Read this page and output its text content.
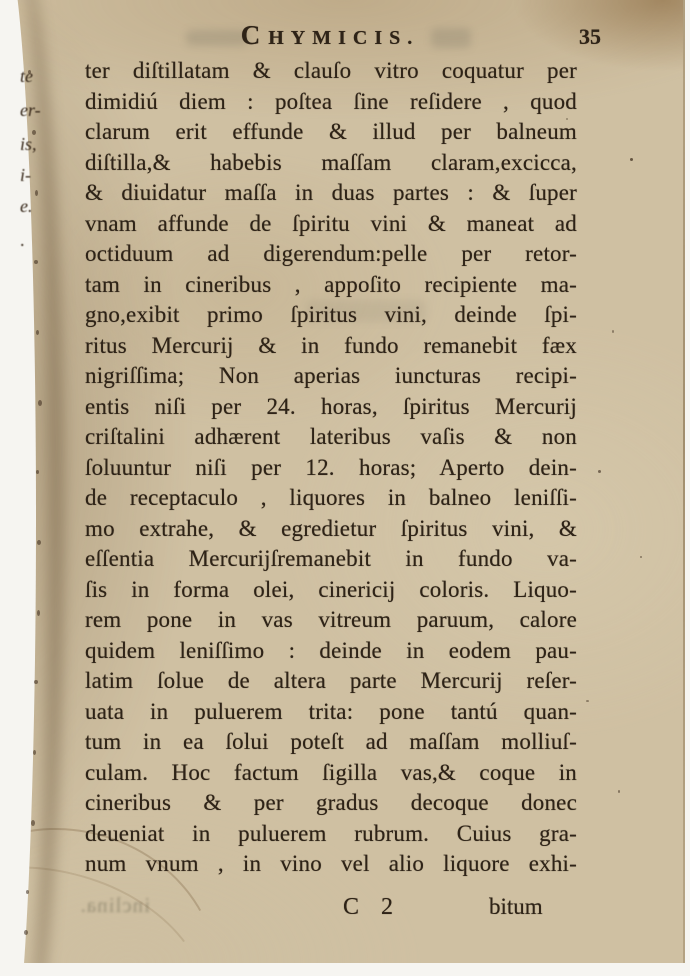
inclina.
CHYMICIS.	35
ter diſtillatam & clauſo vitro coquatur per
dimidiú diem : poſtea ſine reſidere , quod
clarum erit effunde & illud per balneum
diſtilla,& habebis maſſam claram,excicca,
& diuidatur maſſa in duas partes : & ſuper
vnam affunde de ſpiritu vini & maneat ad
octiduum ad digerendum:pelle per retor-
tam in cineribus , appoſito recipiente ma-
gno,exibit primo ſpiritus vini, deinde ſpi-
ritus Mercurij & in fundo remanebit fæx
nigriſſima; Non aperias iuncturas recipi-
entis niſi per 24. horas, ſpiritus Mercurij
criſtalini adhærent lateribus vaſis & non
ſoluuntur niſi per 12. horas; Aperto dein-
de receptaculo , liquores in balneo leniſſi-
mo extrahe, & egredietur ſpiritus vini, &
eſſentia Mercurijſremanebit in fundo va-
ſis in forma olei, cinericij coloris. Liquo-
rem pone in vas vitreum paruum, calore
quidem leniſſimo : deinde in eodem pau-
latim ſolue de altera parte Mercurij reſer-
uata in puluerem trita: pone tantú quan-
tum in ea ſolui poteſt ad maſſam molliuſ-
culam. Hoc factum ſigilla vas,& coque in
cineribus & per gradus decoque donec
deueniat in puluerem rubrum. Cuius gra-
num vnum , in vino vel alio liquore exhi-
C 2	bitum
te
er-
is,
i-
e.
.
